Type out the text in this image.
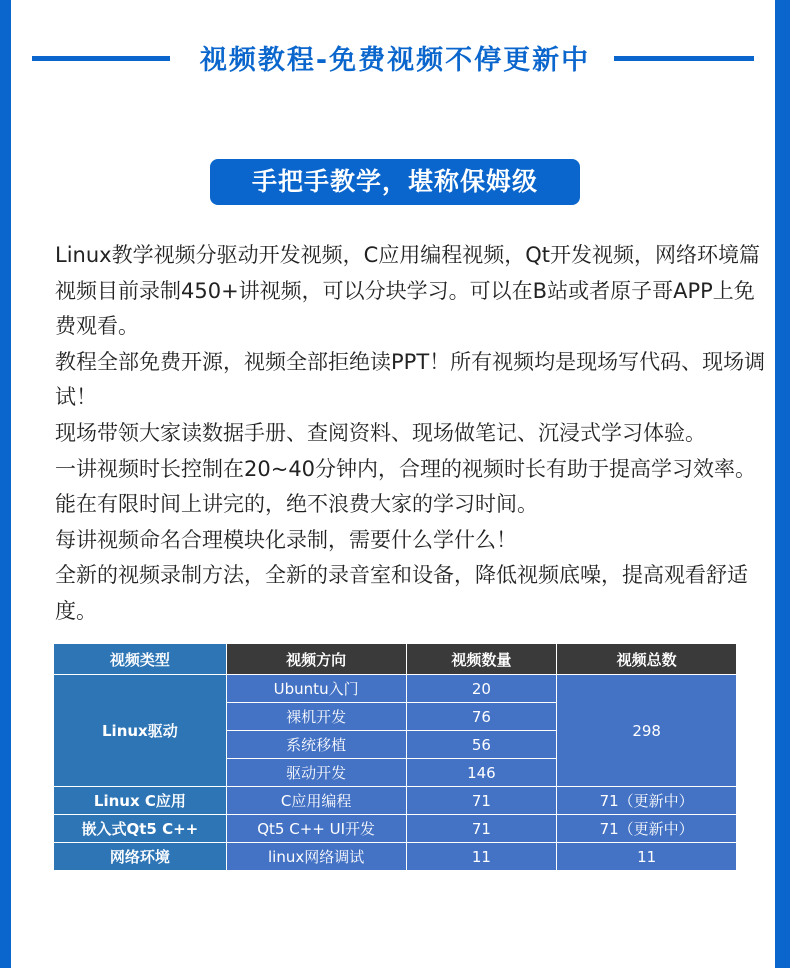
视频教程-免费视频不停更新中
手把手教学，堪称保姆级

Linux教学视频分驱动开发视频，C应用编程视频，Qt开发视频，网络环境篇视频目前录制450+讲视频，可以分块学习。可以在B站或者原子哥APP上免费观看。

教程全部免费开源，视频全部拒绝读PPT！所有视频均是现场写代码、现场调试！

现场带领大家读数据手册、查阅资料、现场做笔记、沉浸式学习体验。

一讲视频时长控制在20~40分钟内，合理的视频时长有助于提高学习效率。能在有限时间上讲完的，绝不浪费大家的学习时间。

每讲视频命名合理模块化录制，需要什么学什么！

全新的视频录制方法，全新的录音室和设备，降低视频底噪，提高观看舒适度。

视频类型	视频方向	视频数量	视频总数
Linux驱动	Ubuntu入门	20	298
	裸机开发	76	
	系统移植	56	
	驱动开发	146	
Linux C应用	C应用编程	71	71（更新中）
嵌入式Qt5 C++	Qt5 C++ UI开发	71	71（更新中）
网络环境	linux网络调试	11	11
